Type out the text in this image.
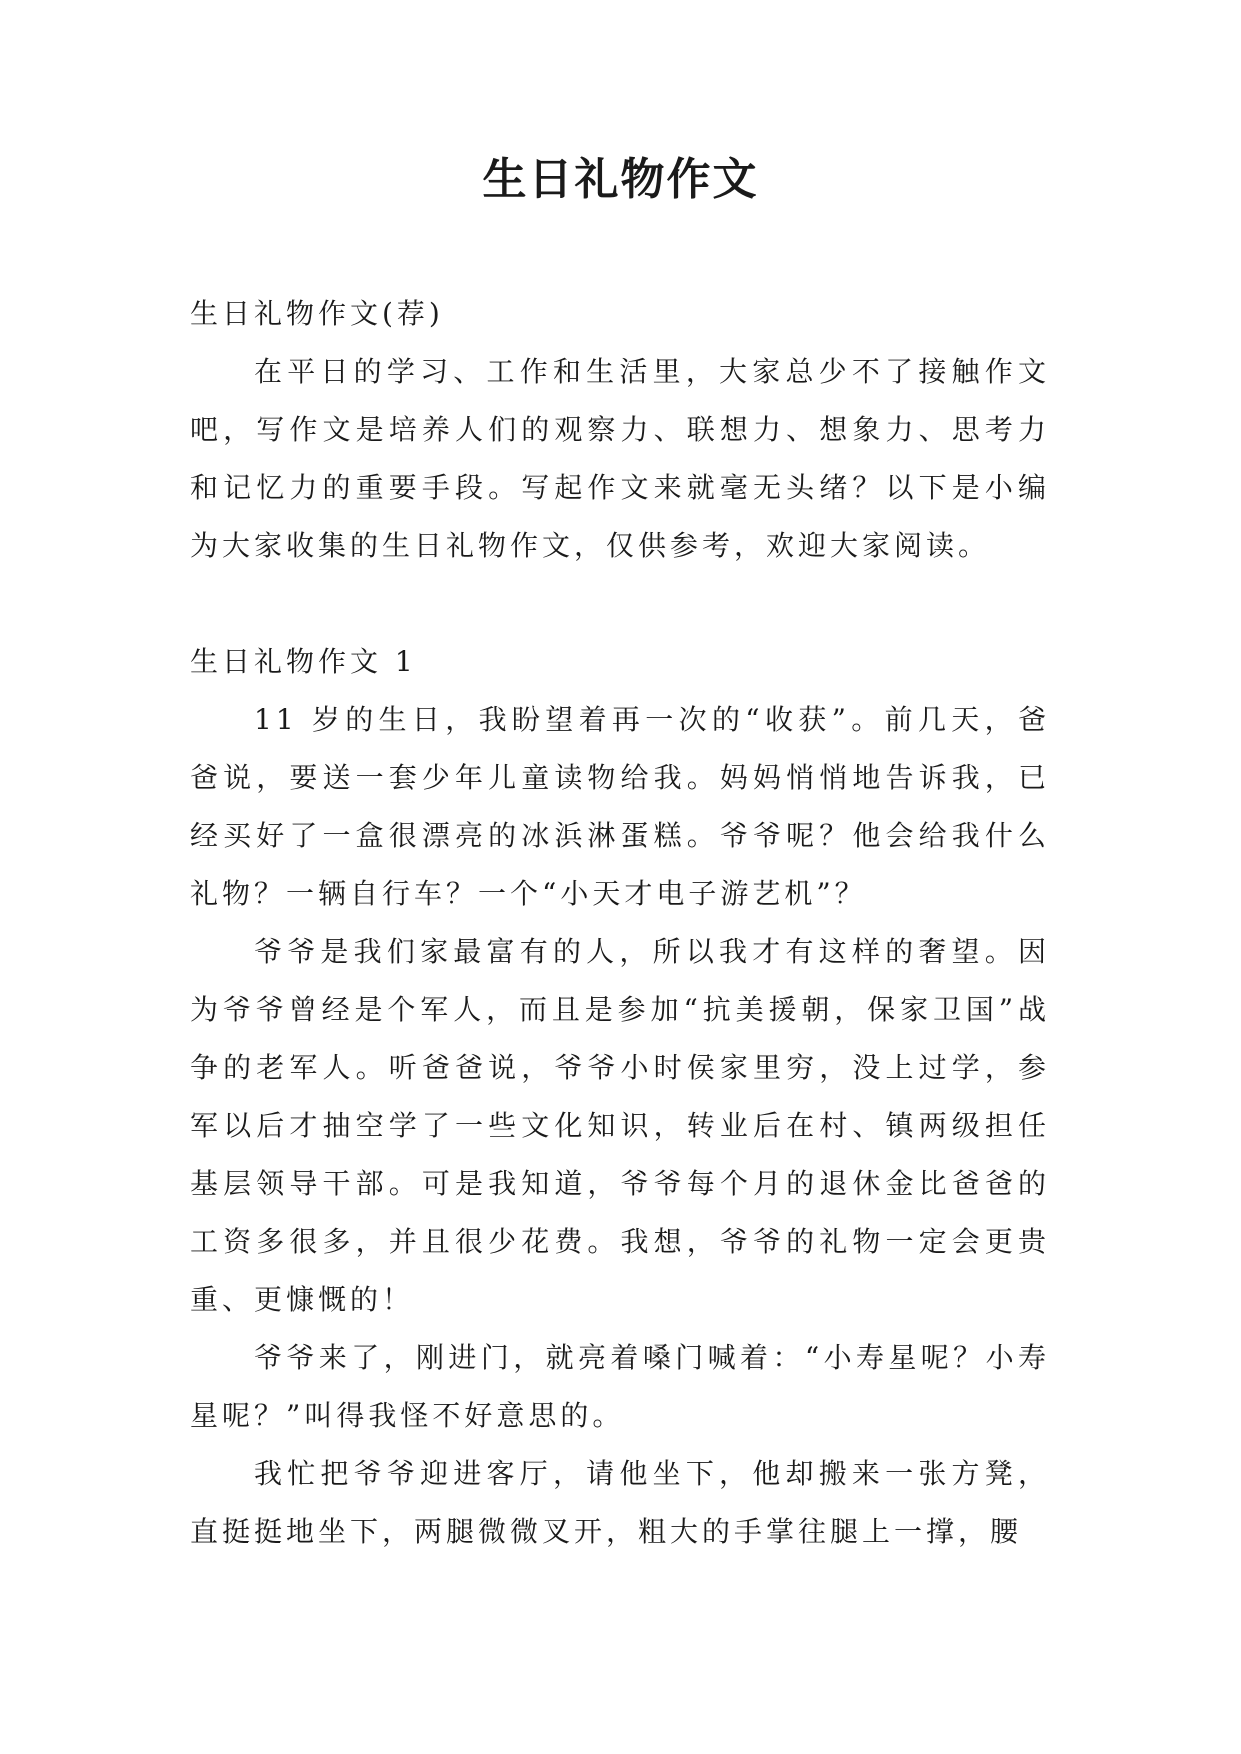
生日礼物作文

生日礼物作文(荐)

在平日的学习、工作和生活里，大家总少不了接触作文吧，写作文是培养人们的观察力、联想力、想象力、思考力和记忆力的重要手段。写起作文来就毫无头绪？以下是小编为大家收集的生日礼物作文，仅供参考，欢迎大家阅读。

生日礼物作文 1

11 岁的生日，我盼望着再一次的“收获”。前几天，爸爸说，要送一套少年儿童读物给我。妈妈悄悄地告诉我，已经买好了一盒很漂亮的冰浜淋蛋糕。爷爷呢？他会给我什么礼物？一辆自行车？一个“小天才电子游艺机”？

爷爷是我们家最富有的人，所以我才有这样的奢望。因为爷爷曾经是个军人，而且是参加“抗美援朝，保家卫国”战争的老军人。听爸爸说，爷爷小时侯家里穷，没上过学，参军以后才抽空学了一些文化知识，转业后在村、镇两级担任基层领导干部。可是我知道，爷爷每个月的退休金比爸爸的工资多很多，并且很少花费。我想，爷爷的礼物一定会更贵重、更慷慨的！

爷爷来了，刚进门，就亮着嗓门喊着：“小寿星呢？小寿星呢？”叫得我怪不好意思的。

我忙把爷爷迎进客厅，请他坐下，他却搬来一张方凳，直挺挺地坐下，两腿微微叉开，粗大的手掌往腿上一撑，腰
